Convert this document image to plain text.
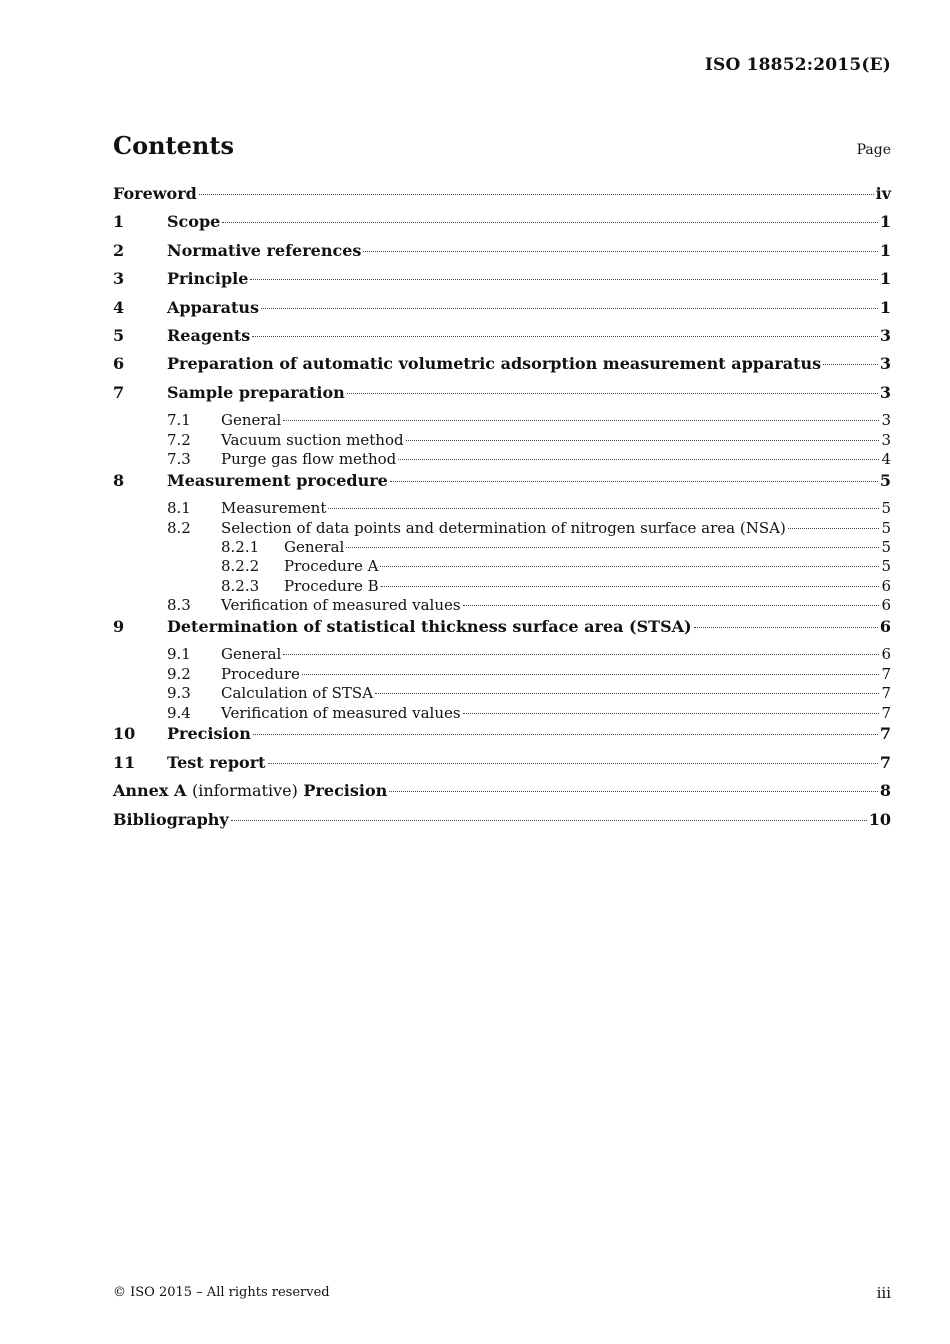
ISO 18852:2015(E)
Contents	Page
Foreword	iv
1	Scope	1
2	Normative references	1
3	Principle	1
4	Apparatus	1
5	Reagents	3
6	Preparation of automatic volumetric adsorption measurement apparatus	3
7	Sample preparation	3
7.1	General	3
7.2	Vacuum suction method	3
7.3	Purge gas flow method	4
8	Measurement procedure	5
8.1	Measurement	5
8.2	Selection of data points and determination of nitrogen surface area (NSA)	5
8.2.1	General	5
8.2.2	Procedure A	5
8.2.3	Procedure B	6
8.3	Verification of measured values	6
9	Determination of statistical thickness surface area (STSA)	6
9.1	General	6
9.2	Procedure	7
9.3	Calculation of STSA	7
9.4	Verification of measured values	7
10	Precision	7
11	Test report	7
Annex A (informative) Precision	8
Bibliography	10
© ISO 2015 – All rights reserved	iii
